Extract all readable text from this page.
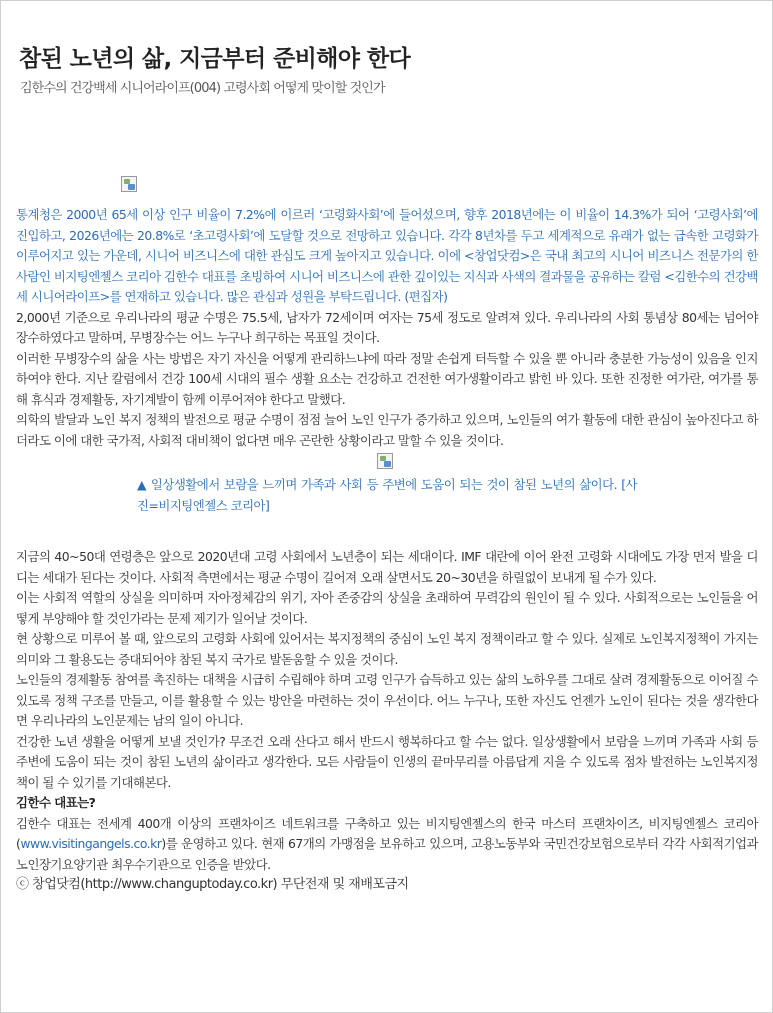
참된 노년의 삶, 지금부터 준비해야 한다
김한수의 건강백세 시니어라이프(004) 고령사회 어떻게 맞이할 것인가

통계청은 2000년 65세 이상 인구 비율이 7.2%에 이르러 ‘고령화사회’에 들어섰으며, 향후 2018년에는 이 비율이 14.3%가 되어 ‘고령사회’에 진입하고, 2026년에는 20.8%로 ‘초고령사회’에 도달할 것으로 전망하고 있습니다. 각각 8년차를 두고 세계적으로 유래가 없는 급속한 고령화가 이루어지고 있는 가운데, 시니어 비즈니스에 대한 관심도 크게 높아지고 있습니다. 이에 <창업닷컴>은 국내 최고의 시니어 비즈니스 전문가의 한사람인 비지팅엔젤스 코리아 김한수 대표를 초빙하여 시니어 비즈니스에 관한 깊이있는 지식과 사색의 결과물을 공유하는 칼럼 <김한수의 건강백세 시니어라이프>를 연재하고 있습니다. 많은 관심과 성원을 부탁드립니다. (편집자)

2,000년 기준으로 우리나라의 평균 수명은 75.5세, 남자가 72세이며 여자는 75세 정도로 알려져 있다. 우리나라의 사회 통념상 80세는 넘어야 장수하였다고 말하며, 무병장수는 어느 누구나 희구하는 목표일 것이다.

이러한 무병장수의 삶을 사는 방법은 자기 자신을 어떻게 관리하느냐에 따라 정말 손쉽게 터득할 수 있을 뿐 아니라 충분한 가능성이 있음을 인지하여야 한다. 지난 칼럼에서 건강 100세 시대의 필수 생활 요소는 건강하고 건전한 여가생활이라고 밝힌 바 있다. 또한 진정한 여가란, 여가를 통해 휴식과 경제활동, 자기계발이 함께 이루어져야 한다고 말했다.

의학의 발달과 노인 복지 정책의 발전으로 평균 수명이 점점 늘어 노인 인구가 증가하고 있으며, 노인들의 여가 활동에 대한 관심이 높아진다고 하더라도 이에 대한 국가적, 사회적 대비책이 없다면 매우 곤란한 상황이라고 말할 수 있을 것이다.

▲ 일상생활에서 보람을 느끼며 가족과 사회 등 주변에 도움이 되는 것이 참된 노년의 삶이다. [사진=비지팅엔젤스 코리아]

지금의 40~50대 연령층은 앞으로 2020년대 고령 사회에서 노년층이 되는 세대이다. IMF 대란에 이어 완전 고령화 시대에도 가장 먼저 발을 디디는 세대가 된다는 것이다. 사회적 측면에서는 평균 수명이 길어져 오래 살면서도 20~30년을 하릴없이 보내게 될 수가 있다.

이는 사회적 역할의 상실을 의미하며 자아정체감의 위기, 자아 존중감의 상실을 초래하여 무력감의 원인이 될 수 있다. 사회적으로는 노인들을 어떻게 부양해야 할 것인가라는 문제 제기가 일어날 것이다.

현 상황으로 미루어 볼 때, 앞으로의 고령화 사회에 있어서는 복지정책의 중심이 노인 복지 정책이라고 할 수 있다. 실제로 노인복지정책이 가지는 의미와 그 활용도는 증대되어야 참된 복지 국가로 발돋움할 수 있을 것이다.

노인들의 경제활동 참여를 촉진하는 대책을 시급히 수립해야 하며 고령 인구가 습득하고 있는 삶의 노하우를 그대로 살려 경제활동으로 이어질 수 있도록 정책 구조를 만들고, 이를 활용할 수 있는 방안을 마련하는 것이 우선이다. 어느 누구나, 또한 자신도 언젠가 노인이 된다는 것을 생각한다면 우리나라의 노인문제는 남의 일이 아니다.

건강한 노년 생활을 어떻게 보낼 것인가? 무조건 오래 산다고 해서 반드시 행복하다고 할 수는 없다. 일상생활에서 보람을 느끼며 가족과 사회 등 주변에 도움이 되는 것이 참된 노년의 삶이라고 생각한다. 모든 사람들이 인생의 끝마무리를 아름답게 지을 수 있도록 점차 발전하는 노인복지정책이 될 수 있기를 기대해본다.

김한수 대표는?

김한수 대표는 전세계 400개 이상의 프랜차이즈 네트워크를 구축하고 있는 비지팅엔젤스의 한국 마스터 프랜차이즈, 비지팅엔젤스 코리아(www.visitingangels.co.kr)를 운영하고 있다. 현재 67개의 가맹점을 보유하고 있으며, 고용노동부와 국민건강보험으로부터 각각 사회적기업과 노인장기요양기관 최우수기관으로 인증을 받았다.

ⓒ 창업닷컴(http://www.changuptoday.co.kr) 무단전재 및 재배포금지
